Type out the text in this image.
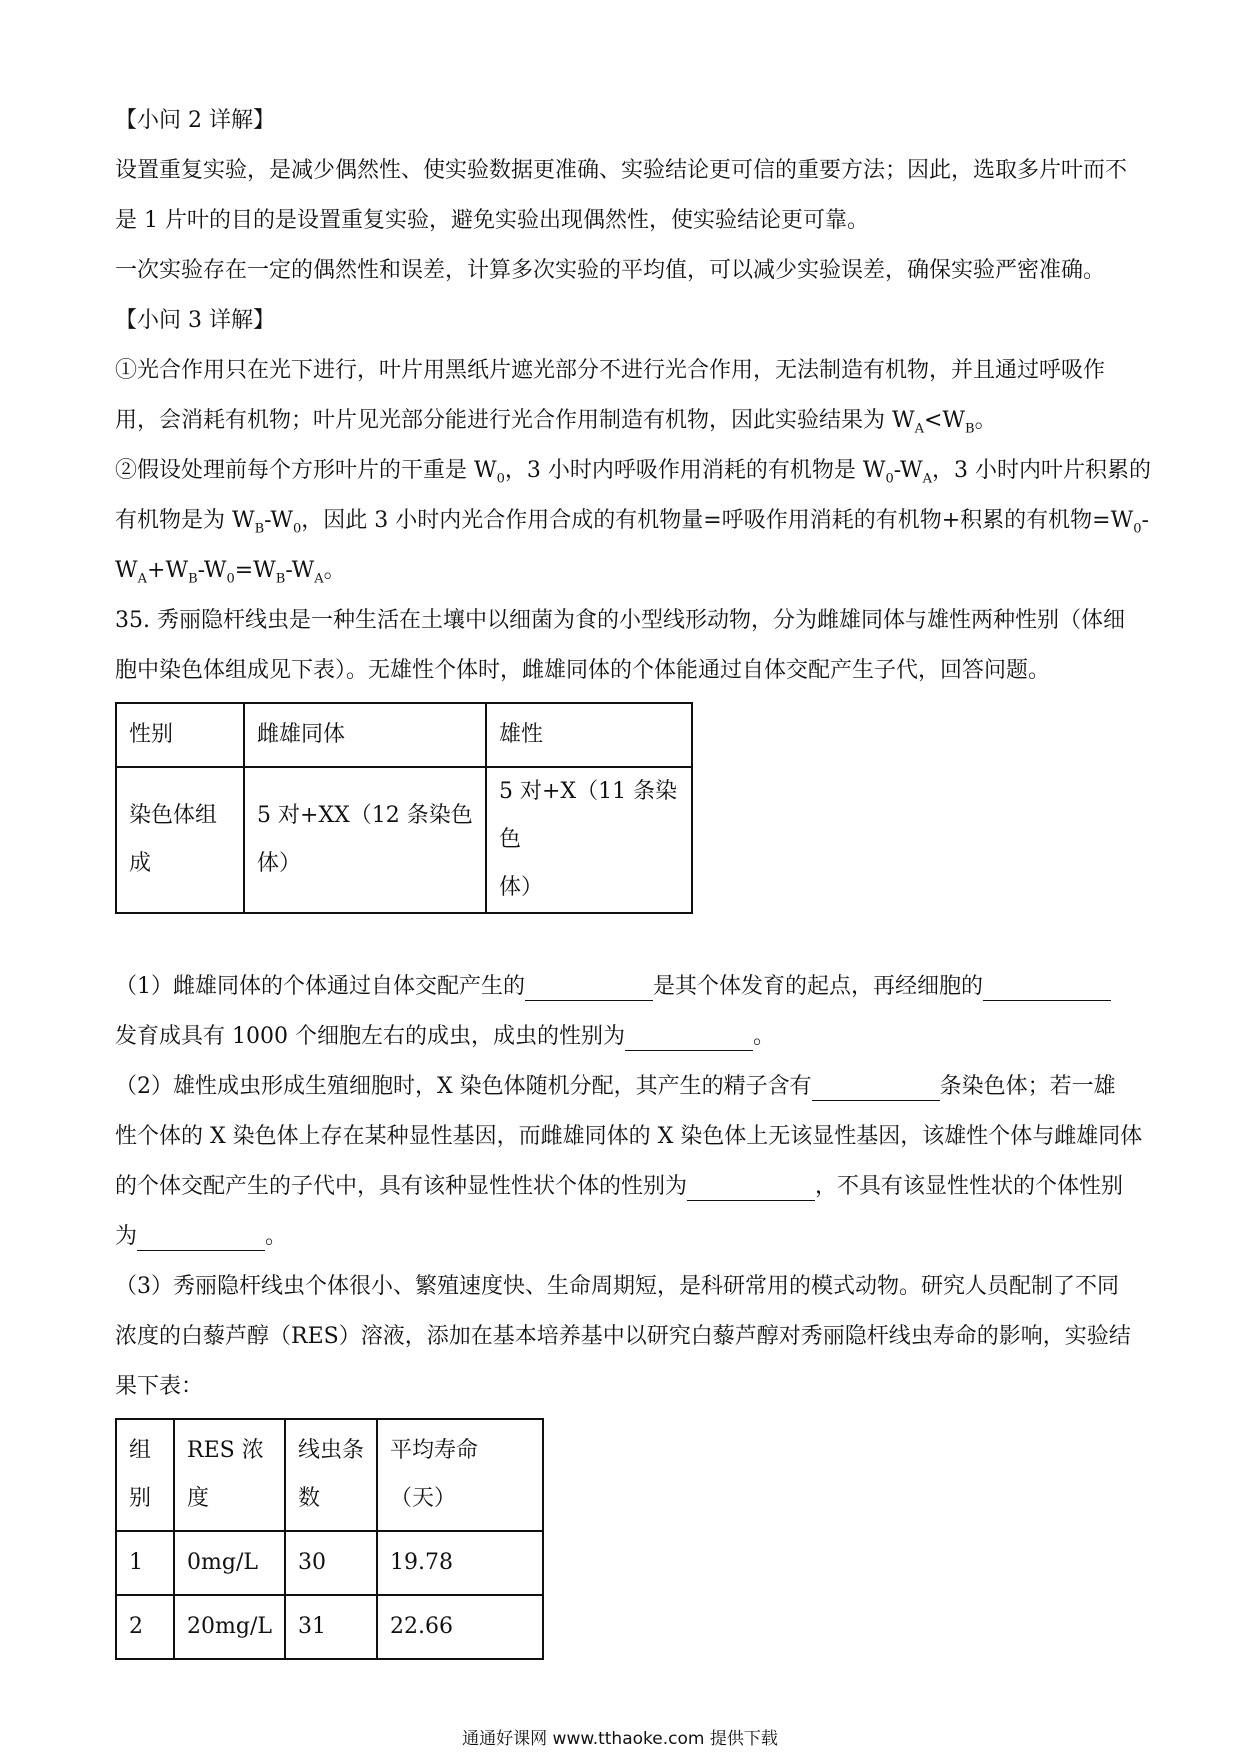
【小问 2 详解】

设置重复实验，是减少偶然性、使实验数据更准确、实验结论更可信的重要方法；因此，选取多片叶而不

是 1 片叶的目的是设置重复实验，避免实验出现偶然性，使实验结论更可靠。

一次实验存在一定的偶然性和误差，计算多次实验的平均值，可以减少实验误差，确保实验严密准确。

【小问 3 详解】

①光合作用只在光下进行，叶片用黑纸片遮光部分不进行光合作用，无法制造有机物，并且通过呼吸作

用，会消耗有机物；叶片见光部分能进行光合作用制造有机物，因此实验结果为 $W_A<W_B$。

②假设处理前每个方形叶片的干重是 $W_0$，3 小时内呼吸作用消耗的有机物是 $W_0-W_A$，3 小时内叶片积累的

有机物是为 $W_B-W_0$，因此 3 小时内光合作用合成的有机物量=呼吸作用消耗的有机物+积累的有机物$=W_0-$

$W_A+W_B-W_0=W_B-W_A$。

35. 秀丽隐杆线虫是一种生活在土壤中以细菌为食的小型线形动物，分为雌雄同体与雄性两种性别（体细

胞中染色体组成见下表）。无雄性个体时，雌雄同体的个体能通过自体交配产生子代，回答问题。

性别	雌雄同体	雄性
染色体组
成	5 对+XX（12 条染色
体）	5 对+X（11 条染色
体）

（1）雌雄同体的个体通过自体交配产生的	是其个体发育的起点，再经细胞的

发育成具有 1000 个细胞左右的成虫，成虫的性别为	。

（2）雄性成虫形成生殖细胞时，X 染色体随机分配，其产生的精子含有	条染色体；若一雄

性个体的 X 染色体上存在某种显性基因，而雌雄同体的 X 染色体上无该显性基因，该雄性个体与雌雄同体

的个体交配产生的子代中，具有该种显性性状个体的性别为	，不具有该显性性状的个体性别

为	。

（3）秀丽隐杆线虫个体很小、繁殖速度快、生命周期短，是科研常用的模式动物。研究人员配制了不同

浓度的白藜芦醇（RES）溶液，添加在基本培养基中以研究白藜芦醇对秀丽隐杆线虫寿命的影响，实验结

果下表：

组
别	RES 浓
度	线虫条
数	平均寿命
（天）
1	0mg/L	30	19.78
2	20mg/L	31	22.66
通通好课网 www.tthaoke.com 提供下载
